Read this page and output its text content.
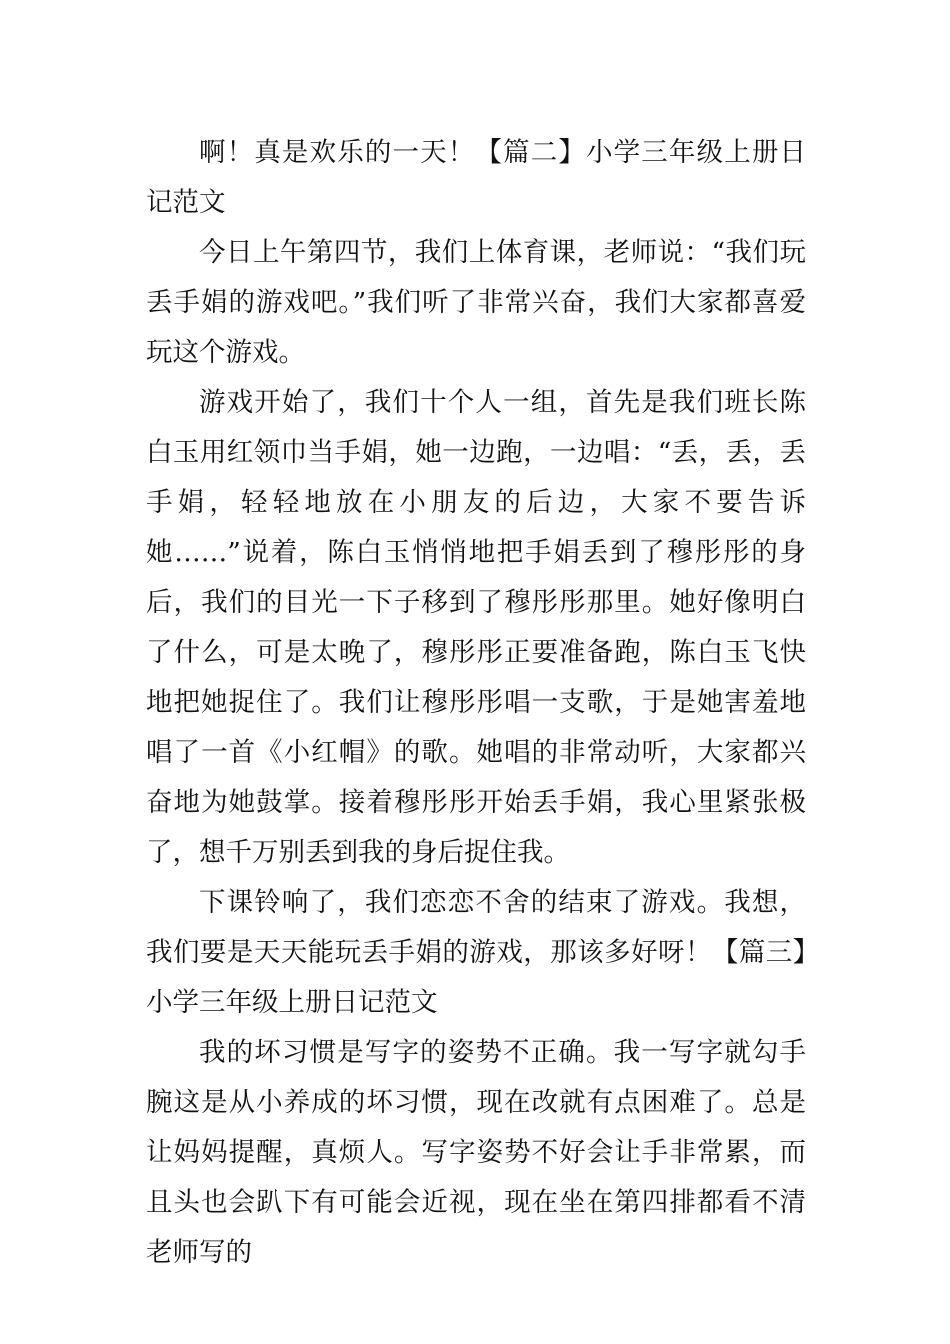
啊！真是欢乐的一天！【篇二】小学三年级上册日记范文

今日上午第四节，我们上体育课，老师说：“我们玩丢手娟的游戏吧。”我们听了非常兴奋，我们大家都喜爱玩这个游戏。

游戏开始了，我们十个人一组，首先是我们班长陈白玉用红领巾当手娟，她一边跑，一边唱：“丢，丢，丢手娟，轻轻地放在小朋友的后边，大家不要告诉她……”说着，陈白玉悄悄地把手娟丢到了穆彤彤的身后，我们的目光一下子移到了穆彤彤那里。她好像明白了什么，可是太晚了，穆彤彤正要准备跑，陈白玉飞快地把她捉住了。我们让穆彤彤唱一支歌，于是她害羞地唱了一首《小红帽》的歌。她唱的非常动听，大家都兴奋地为她鼓掌。接着穆彤彤开始丢手娟，我心里紧张极了，想千万别丢到我的身后捉住我。

下课铃响了，我们恋恋不舍的结束了游戏。我想，我们要是天天能玩丢手娟的游戏，那该多好呀！【篇三】小学三年级上册日记范文

我的坏习惯是写字的姿势不正确。我一写字就勾手腕这是从小养成的坏习惯，现在改就有点困难了。总是让妈妈提醒，真烦人。写字姿势不好会让手非常累，而且头也会趴下有可能会近视，现在坐在第四排都看不清老师写的
